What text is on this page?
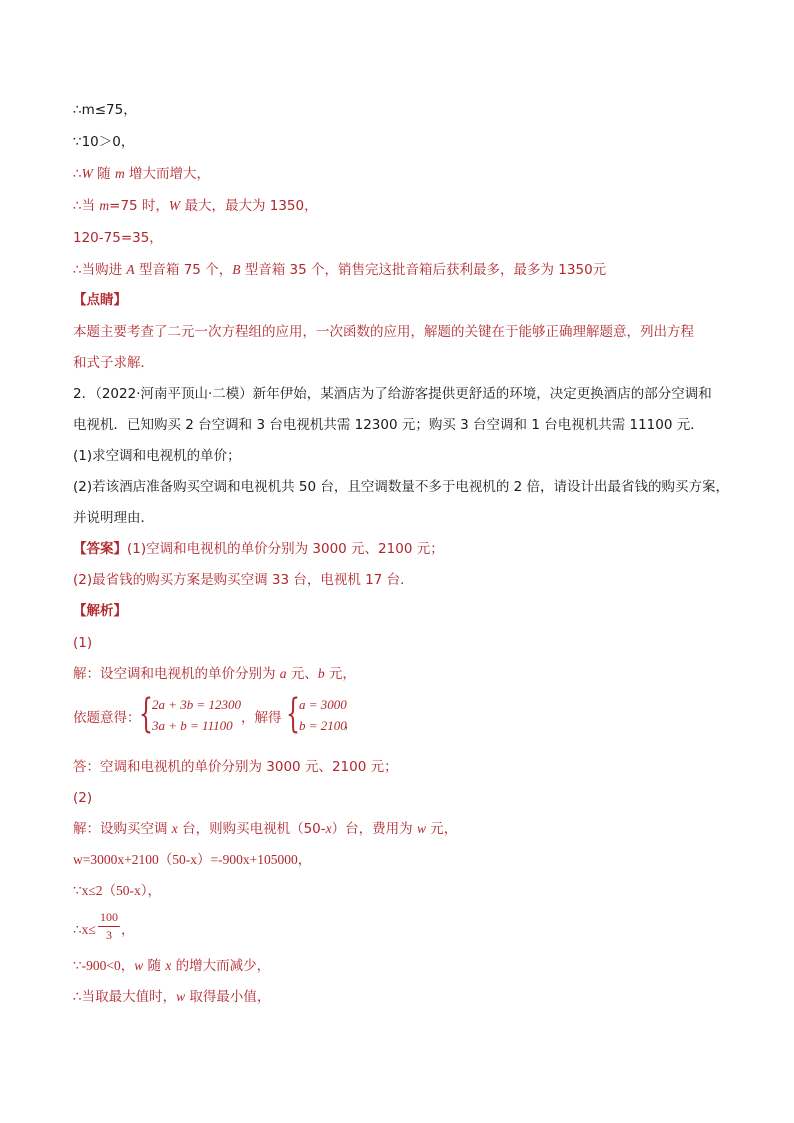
∴m≤75，
∵10＞0，
∴W 随 m 增大而增大，
∴当 m=75 时，W 最大，最大为 1350，
120-75=35，
∴当购进 A 型音箱 75 个，B 型音箱 35 个，销售完这批音箱后获利最多，最多为 1350元
【点睛】
本题主要考查了二元一次方程组的应用，一次函数的应用，解题的关键在于能够正确理解题意，列出方程
和式子求解．
2．（2022·河南平顶山·二模）新年伊始，某酒店为了给游客提供更舒适的环境，决定更换酒店的部分空调和
电视机．已知购买 2 台空调和 3 台电视机共需 12300 元；购买 3 台空调和 1 台电视机共需 11100 元．
(1)求空调和电视机的单价；
(2)若该酒店准备购买空调和电视机共 50 台，且空调数量不多于电视机的 2 倍，请设计出最省钱的购买方案，
并说明理由．
【答案】(1)空调和电视机的单价分别为 3000 元、2100 元；
(2)最省钱的购买方案是购买空调 33 台，电视机 17 台．
【解析】
(1)
解：设空调和电视机的单价分别为 a 元、b 元，
依题意得：
{ 2a + 3b = 12300
3a + b = 11100 ，解得 { a = 3000
b = 2100
，
答：空调和电视机的单价分别为 3000 元、2100 元；
(2)
解：设购买空调 x 台，则购买电视机（50-x）台，费用为 w 元，
w=3000x+2100（50-x）=-900x+105000，
∵x≤2（50-x），
∴x≤
100
3 ，
∵-900<0，w 随 x 的增大而减少，
∴当取最大值时，w 取得最小值，
